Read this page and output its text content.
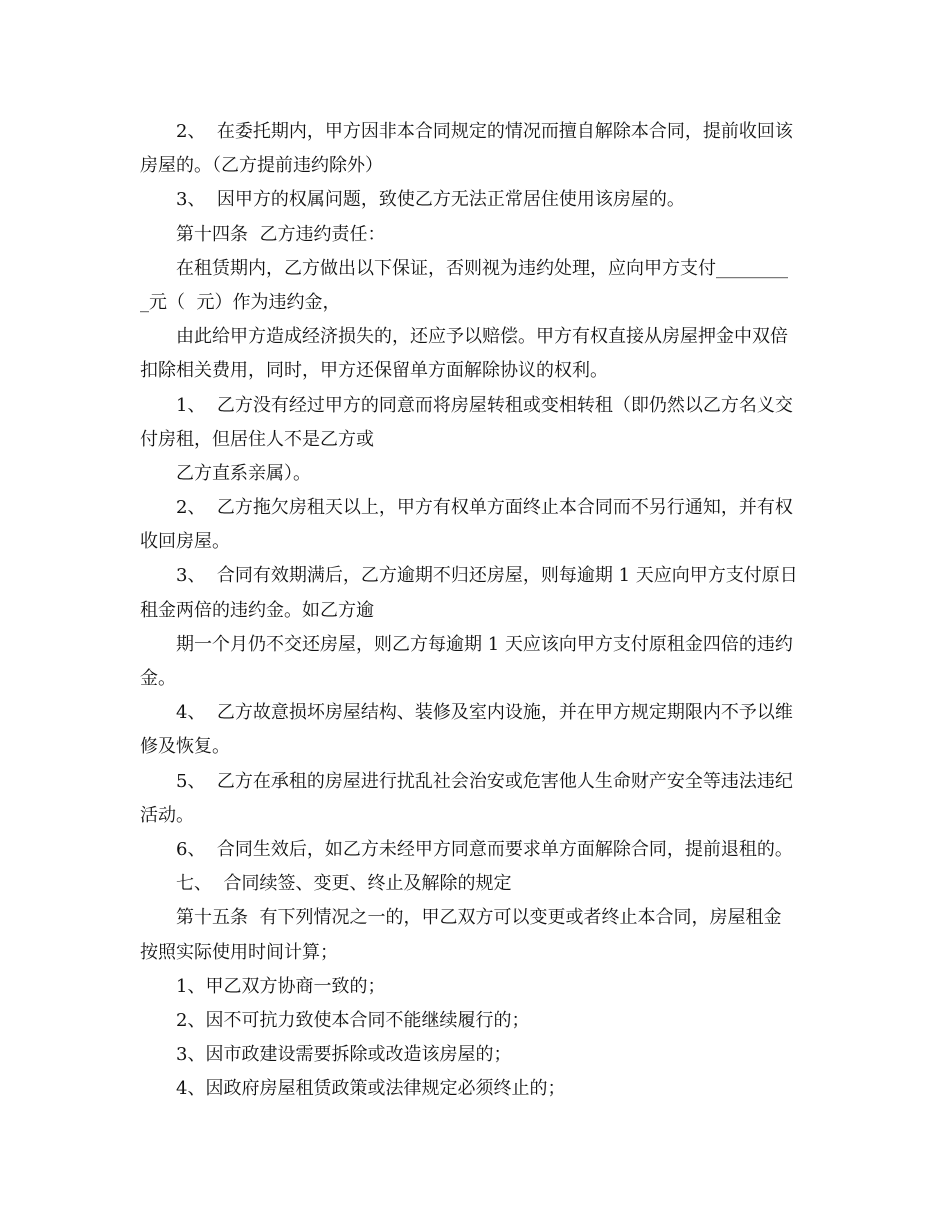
2、  在委托期内，甲方因非本合同规定的情况而擅自解除本合同，提前收回该
房屋的。（乙方提前违约除外）
3、  因甲方的权属问题，致使乙方无法正常居住使用该房屋的。
第十四条  乙方违约责任：
在租赁期内，乙方做出以下保证，否则视为违约处理，应向甲方支付________
_元（  元）作为违约金，
由此给甲方造成经济损失的，还应予以赔偿。甲方有权直接从房屋押金中双倍
扣除相关费用，同时，甲方还保留单方面解除协议的权利。
1、  乙方没有经过甲方的同意而将房屋转租或变相转租（即仍然以乙方名义交
付房租，但居住人不是乙方或
乙方直系亲属）。
2、  乙方拖欠房租天以上，甲方有权单方面终止本合同而不另行通知，并有权
收回房屋。
3、  合同有效期满后，乙方逾期不归还房屋，则每逾期 1 天应向甲方支付原日
租金两倍的违约金。如乙方逾
期一个月仍不交还房屋，则乙方每逾期 1 天应该向甲方支付原租金四倍的违约
金。
4、  乙方故意损坏房屋结构、装修及室内设施，并在甲方规定期限内不予以维
修及恢复。
5、  乙方在承租的房屋进行扰乱社会治安或危害他人生命财产安全等违法违纪
活动。
6、  合同生效后，如乙方未经甲方同意而要求单方面解除合同，提前退租的。
七、  合同续签、变更、终止及解除的规定
第十五条  有下列情况之一的，甲乙双方可以变更或者终止本合同，房屋租金
按照实际使用时间计算；
1、甲乙双方协商一致的；
2、因不可抗力致使本合同不能继续履行的；
3、因市政建设需要拆除或改造该房屋的；
4、因政府房屋租赁政策或法律规定必须终止的；
